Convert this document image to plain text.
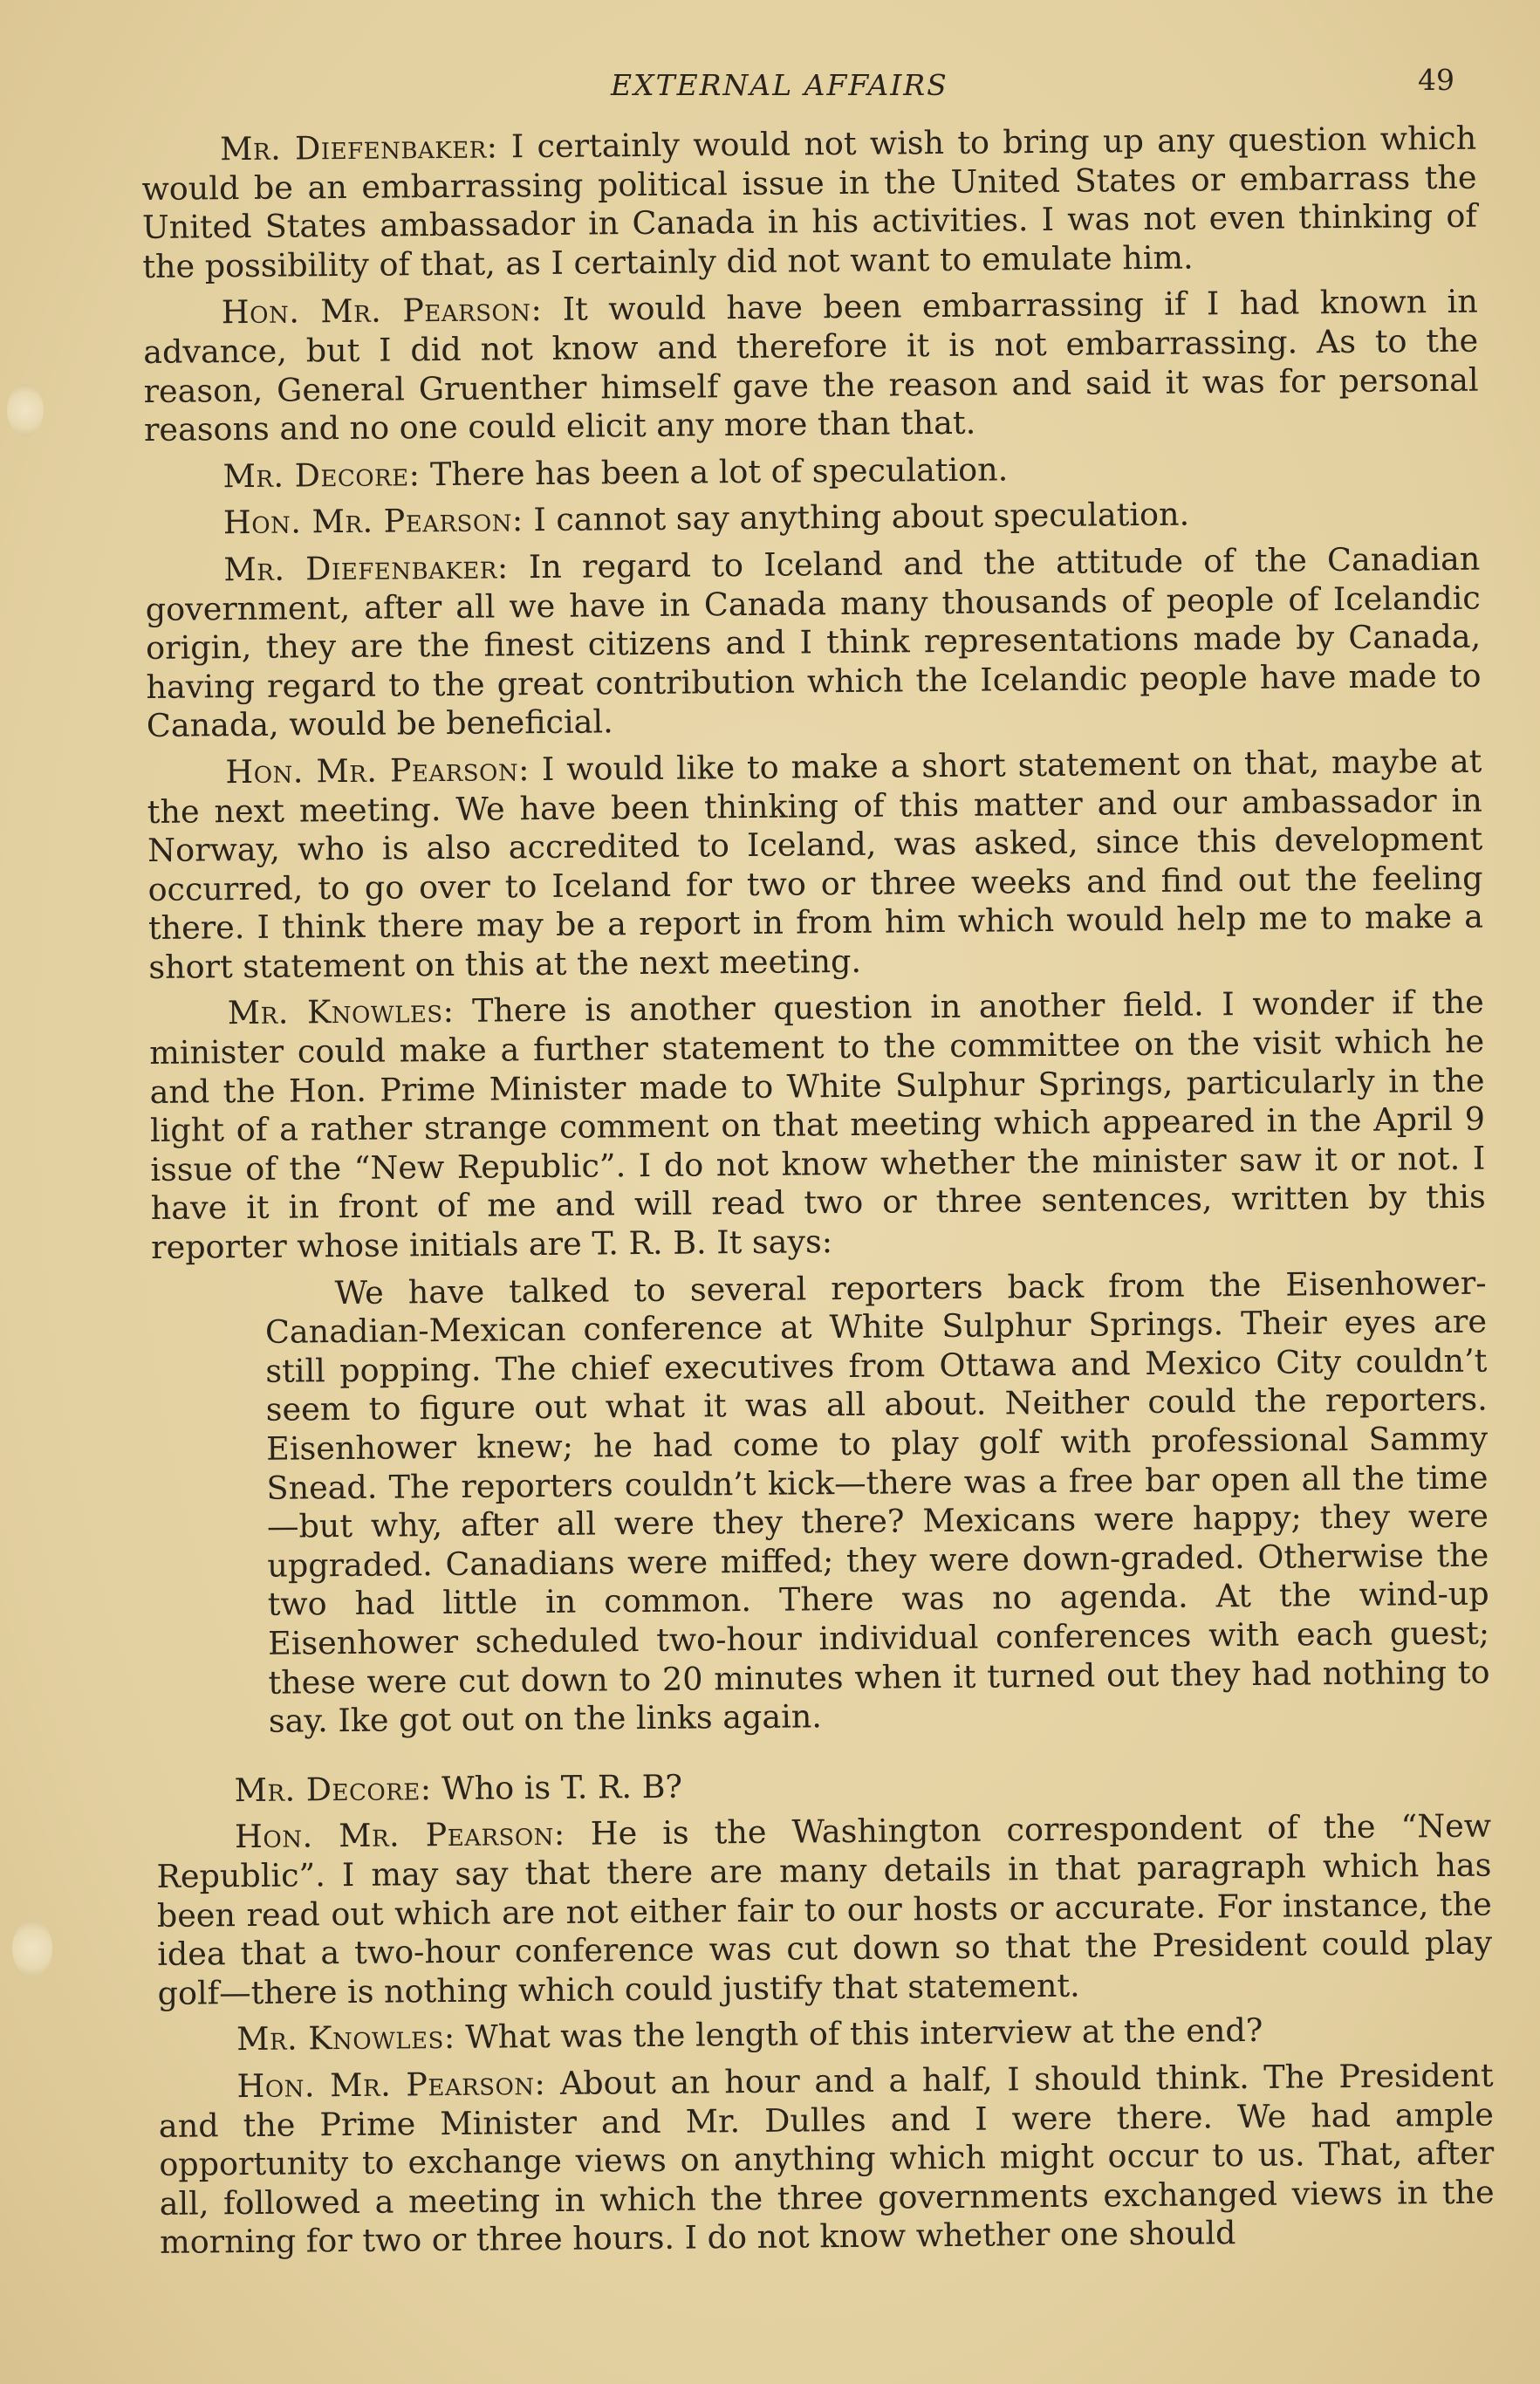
EXTERNAL AFFAIRS	49

Mr. Diefenbaker: I certainly would not wish to bring up any question which would be an embarrassing political issue in the United States or embarrass the United States ambassador in Canada in his activities. I was not even thinking of the possibility of that, as I certainly did not want to emulate him.

Hon. Mr. Pearson: It would have been embarrassing if I had known in advance, but I did not know and therefore it is not embarrassing. As to the reason, General Gruenther himself gave the reason and said it was for personal reasons and no one could elicit any more than that.

Mr. Decore: There has been a lot of speculation.

Hon. Mr. Pearson: I cannot say anything about speculation.

Mr. Diefenbaker: In regard to Iceland and the attitude of the Canadian government, after all we have in Canada many thousands of people of Icelandic origin, they are the finest citizens and I think representations made by Canada, having regard to the great contribution which the Icelandic people have made to Canada, would be beneficial.

Hon. Mr. Pearson: I would like to make a short statement on that, maybe at the next meeting. We have been thinking of this matter and our ambassador in Norway, who is also accredited to Iceland, was asked, since this development occurred, to go over to Iceland for two or three weeks and find out the feeling there. I think there may be a report in from him which would help me to make a short statement on this at the next meeting.

Mr. Knowles: There is another question in another field. I wonder if the minister could make a further statement to the committee on the visit which he and the Hon. Prime Minister made to White Sulphur Springs, particularly in the light of a rather strange comment on that meeting which appeared in the April 9 issue of the “New Republic”. I do not know whether the minister saw it or not. I have it in front of me and will read two or three sentences, written by this reporter whose initials are T. R. B. It says:

We have talked to several reporters back from the Eisenhower-Canadian-Mexican conference at White Sulphur Springs. Their eyes are still popping. The chief executives from Ottawa and Mexico City couldn’t seem to figure out what it was all about. Neither could the reporters. Eisenhower knew; he had come to play golf with professional Sammy Snead. The reporters couldn’t kick—there was a free bar open all the time—but why, after all were they there? Mexicans were happy; they were upgraded. Canadians were miffed; they were down-graded. Otherwise the two had little in common. There was no agenda. At the wind-up Eisenhower scheduled two-hour individual conferences with each guest; these were cut down to 20 minutes when it turned out they had nothing to say. Ike got out on the links again.

Mr. Decore: Who is T. R. B?

Hon. Mr. Pearson: He is the Washington correspondent of the “New Republic”. I may say that there are many details in that paragraph which has been read out which are not either fair to our hosts or accurate. For instance, the idea that a two-hour conference was cut down so that the President could play golf—there is nothing which could justify that statement.

Mr. Knowles: What was the length of this interview at the end?

Hon. Mr. Pearson: About an hour and a half, I should think. The President and the Prime Minister and Mr. Dulles and I were there. We had ample opportunity to exchange views on anything which might occur to us. That, after all, followed a meeting in which the three governments exchanged views in the morning for two or three hours. I do not know whether one should
